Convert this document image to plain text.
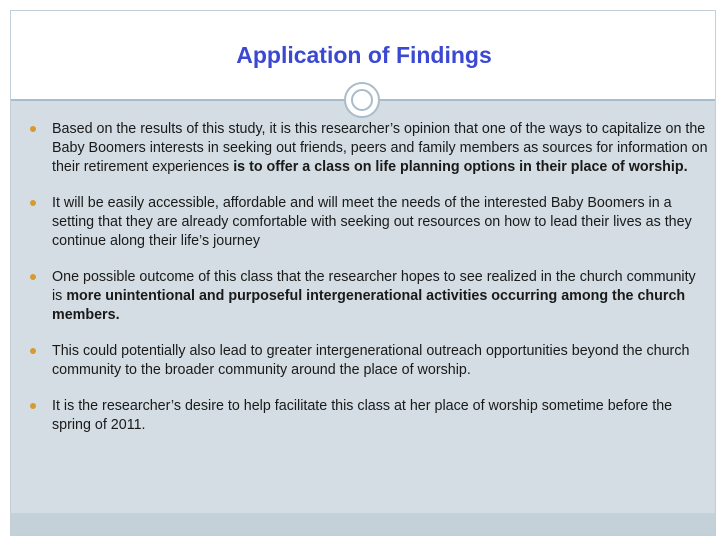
Application of Findings
Based on the results of this study, it is this researcher’s opinion that one of the ways to capitalize on the Baby Boomers interests in seeking out friends, peers and family members as sources for information on their retirement experiences is to offer a class on life planning options in their place of worship.
It will be easily accessible, affordable and will meet the needs of the interested Baby Boomers in a setting that they are already comfortable with seeking out resources on how to lead their lives as they continue along their life’s journey
One possible outcome of this class that the researcher hopes to see realized in the church community is more unintentional and purposeful intergenerational activities occurring among the church members.
This could potentially also lead to greater intergenerational outreach opportunities beyond the church community to the broader community around the place of worship.
It is the researcher’s desire to help facilitate this class at her place of worship sometime before the spring of 2011.
